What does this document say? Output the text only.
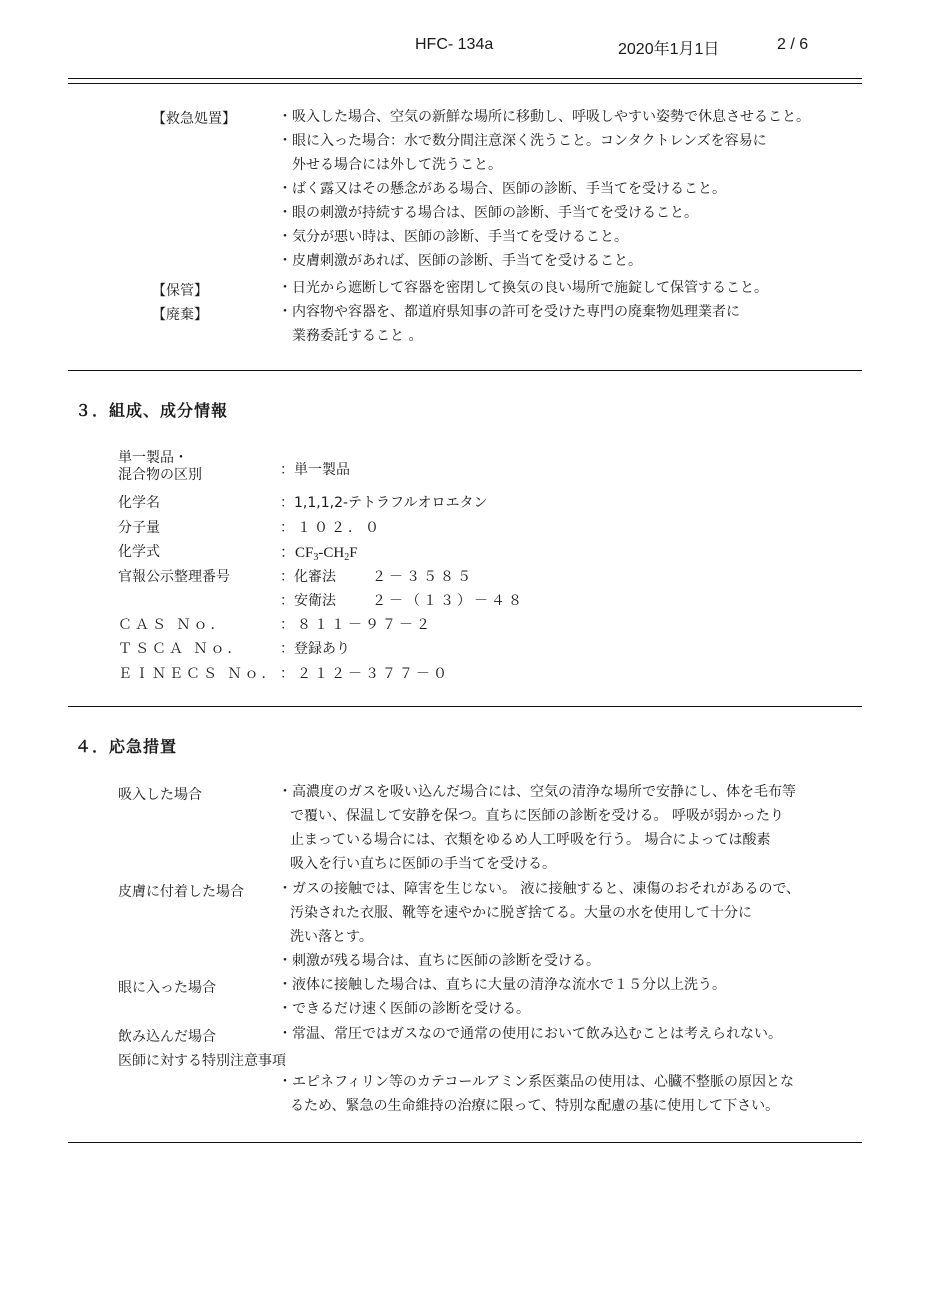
HFC- 134a	2020年1月1日	2 / 6
【救急処置】	・吸入した場合、空気の新鮮な場所に移動し、呼吸しやすい姿勢で休息させること。
・眼に入った場合：水で数分間注意深く洗うこと。コンタクトレンズを容易に
外せる場合には外して洗うこと。
・ばく露又はその懸念がある場合、医師の診断、手当てを受けること。
・眼の刺激が持続する場合は、医師の診断、手当てを受けること。
・気分が悪い時は、医師の診断、手当てを受けること。
・皮膚刺激があれば、医師の診断、手当てを受けること。
【保管】	・日光から遮断して容器を密閉して換気の良い場所で施錠して保管すること。
【廃棄】	・内容物や容器を、都道府県知事の許可を受けた専門の廃棄物処理業者に
業務委託すること 。
３．組成、成分情報
単一製品・
混合物の区別	：単一製品
化学名	：1,1,1,2-テトラフルオロエタン
分子量	：１０２．０
化学式	：$CF_3-CH_2F$
官報公示整理番号	：化審法	２－３５８５
：安衛法	２－（１３）－４８
ＣＡＳ Ｎｏ．	：８１１－９７－２
ＴＳＣＡ Ｎｏ．	：登録あり
ＥＩＮＥＣＳ Ｎｏ． ：２１２－３７７－０
４．応急措置
吸入した場合	・高濃度のガスを吸い込んだ場合には、空気の清浄な場所で安静にし、体を毛布等
で覆い、保温して安静を保つ。直ちに医師の診断を受ける。 呼吸が弱かったり
止まっている場合には、衣類をゆるめ人工呼吸を行う。 場合によっては酸素
吸入を行い直ちに医師の手当てを受ける。
皮膚に付着した場合 ・ガスの接触では、障害を生じない。 液に接触すると、凍傷のおそれがあるので、
汚染された衣服、靴等を速やかに脱ぎ捨てる。大量の水を使用して十分に
洗い落とす。
・刺激が残る場合は、直ちに医師の診断を受ける。
眼に入った場合	・液体に接触した場合は、直ちに大量の清浄な流水で１５分以上洗う。
・できるだけ速く医師の診断を受ける。
飲み込んだ場合	・常温、常圧ではガスなので通常の使用において飲み込むことは考えられない。
医師に対する特別注意事項
・エピネフィリン等のカテコールアミン系医薬品の使用は、心臓不整脈の原因とな
るため、緊急の生命維持の治療に限って、特別な配慮の基に使用して下さい。
